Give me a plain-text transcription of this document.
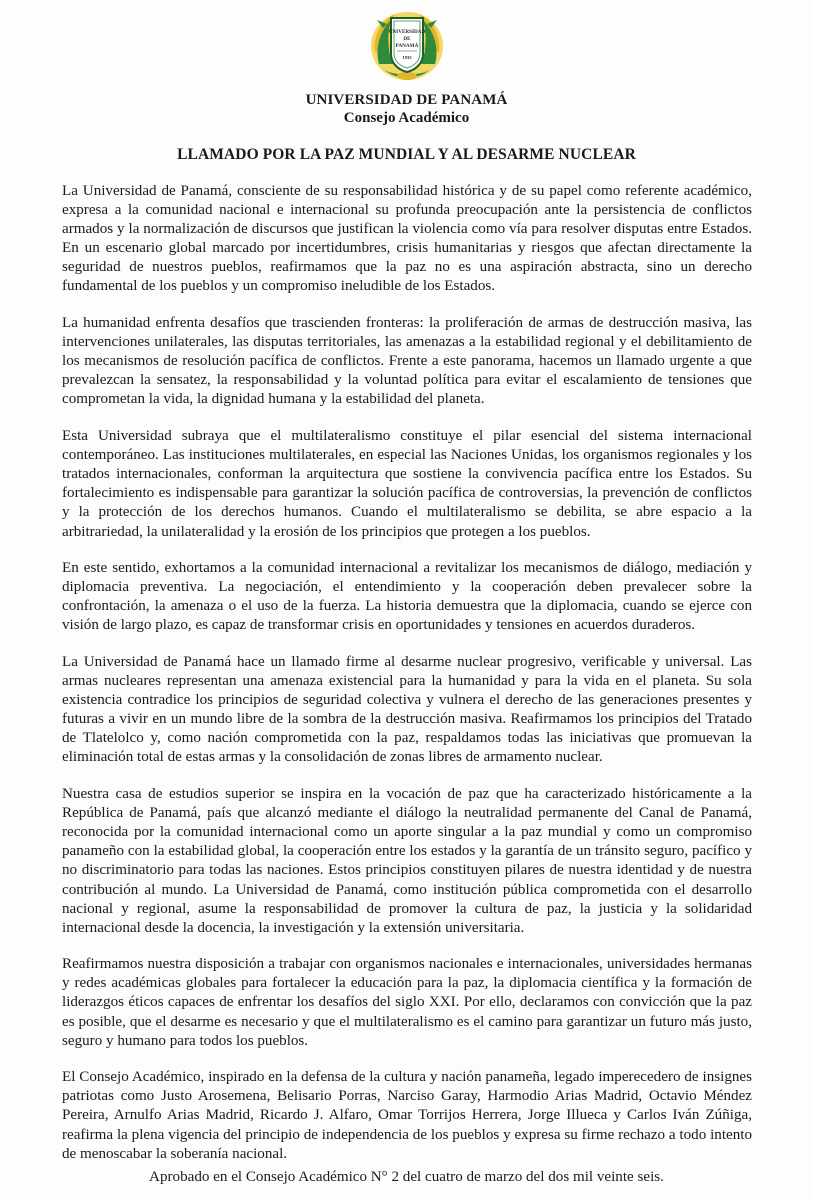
UNIVERSIDAD
DE
PANAMÁ
1935
UNIVERSIDAD DE PANAMÁ
Consejo Académico
LLAMADO POR LA PAZ MUNDIAL Y AL DESARME NUCLEAR

La Universidad de Panamá, consciente de su responsabilidad histórica y de su papel como referente académico, expresa a la comunidad nacional e internacional su profunda preocupación ante la persistencia de conflictos armados y la normalización de discursos que justifican la violencia como vía para resolver disputas entre Estados. En un escenario global marcado por incertidumbres, crisis humanitarias y riesgos que afectan directamente la seguridad de nuestros pueblos, reafirmamos que la paz no es una aspiración abstracta, sino un derecho fundamental de los pueblos y un compromiso ineludible de los Estados.

La humanidad enfrenta desafíos que trascienden fronteras: la proliferación de armas de destrucción masiva, las intervenciones unilaterales, las disputas territoriales, las amenazas a la estabilidad regional y el debilitamiento de los mecanismos de resolución pacífica de conflictos. Frente a este panorama, hacemos un llamado urgente a que prevalezcan la sensatez, la responsabilidad y la voluntad política para evitar el escalamiento de tensiones que comprometan la vida, la dignidad humana y la estabilidad del planeta.

Esta Universidad subraya que el multilateralismo constituye el pilar esencial del sistema internacional contemporáneo. Las instituciones multilaterales, en especial las Naciones Unidas, los organismos regionales y los tratados internacionales, conforman la arquitectura que sostiene la convivencia pacífica entre los Estados. Su fortalecimiento es indispensable para garantizar la solución pacífica de controversias, la prevención de conflictos y la protección de los derechos humanos. Cuando el multilateralismo se debilita, se abre espacio a la arbitrariedad, la unilateralidad y la erosión de los principios que protegen a los pueblos.

En este sentido, exhortamos a la comunidad internacional a revitalizar los mecanismos de diálogo, mediación y diplomacia preventiva. La negociación, el entendimiento y la cooperación deben prevalecer sobre la confrontación, la amenaza o el uso de la fuerza. La historia demuestra que la diplomacia, cuando se ejerce con visión de largo plazo, es capaz de transformar crisis en oportunidades y tensiones en acuerdos duraderos.

La Universidad de Panamá hace un llamado firme al desarme nuclear progresivo, verificable y universal. Las armas nucleares representan una amenaza existencial para la humanidad y para la vida en el planeta. Su sola existencia contradice los principios de seguridad colectiva y vulnera el derecho de las generaciones presentes y futuras a vivir en un mundo libre de la sombra de la destrucción masiva. Reafirmamos los principios del Tratado de Tlatelolco y, como nación comprometida con la paz, respaldamos todas las iniciativas que promuevan la eliminación total de estas armas y la consolidación de zonas libres de armamento nuclear.

Nuestra casa de estudios superior se inspira en la vocación de paz que ha caracterizado históricamente a la República de Panamá, país que alcanzó mediante el diálogo la neutralidad permanente del Canal de Panamá, reconocida por la comunidad internacional como un aporte singular a la paz mundial y como un compromiso panameño con la estabilidad global, la cooperación entre los estados y la garantía de un tránsito seguro, pacífico y no discriminatorio para todas las naciones. Estos principios constituyen pilares de nuestra identidad y de nuestra contribución al mundo. La Universidad de Panamá, como institución pública comprometida con el desarrollo nacional y regional, asume la responsabilidad de promover la cultura de paz, la justicia y la solidaridad internacional desde la docencia, la investigación y la extensión universitaria.

Reafirmamos nuestra disposición a trabajar con organismos nacionales e internacionales, universidades hermanas y redes académicas globales para fortalecer la educación para la paz, la diplomacia científica y la formación de liderazgos éticos capaces de enfrentar los desafíos del siglo XXI. Por ello, declaramos con convicción que la paz es posible, que el desarme es necesario y que el multilateralismo es el camino para garantizar un futuro más justo, seguro y humano para todos los pueblos.

El Consejo Académico, inspirado en la defensa de la cultura y nación panameña, legado imperecedero de insignes patriotas como Justo Arosemena, Belisario Porras, Narciso Garay, Harmodio Arias Madrid, Octavio Méndez Pereira, Arnulfo Arias Madrid, Ricardo J. Alfaro, Omar Torrijos Herrera, Jorge Illueca y Carlos Iván Zúñiga, reafirma la plena vigencia del principio de independencia de los pueblos y expresa su firme rechazo a todo intento de menoscabar la soberanía nacional.

Aprobado en el Consejo Académico N° 2 del cuatro de marzo del dos mil veinte seis.
